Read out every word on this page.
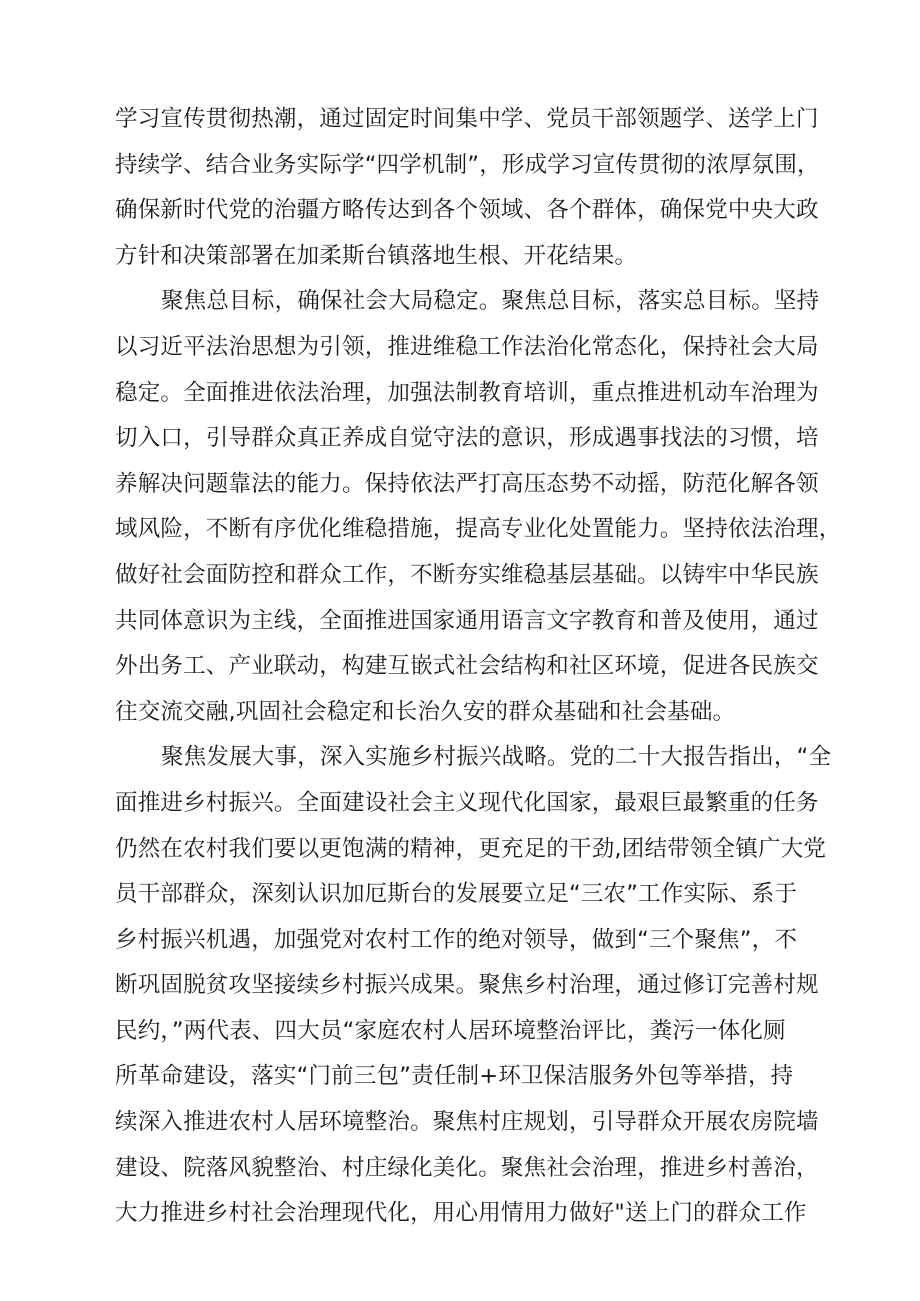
学习宣传贯彻热潮，通过固定时间集中学、党员干部领题学、送学上门
持续学、结合业务实际学“四学机制”，形成学习宣传贯彻的浓厚氛围，
确保新时代党的治疆方略传达到各个领域、各个群体，确保党中央大政
方针和决策部署在加柔斯台镇落地生根、开花结果。
聚焦总目标，确保社会大局稳定。聚焦总目标，落实总目标。坚持
以习近平法治思想为引领，推进维稳工作法治化常态化，保持社会大局
稳定。全面推进依法治理，加强法制教育培训，重点推进机动车治理为
切入口，引导群众真正养成自觉守法的意识，形成遇事找法的习惯，培
养解决问题靠法的能力。保持依法严打高压态势不动摇，防范化解各领
域风险，不断有序优化维稳措施，提高专业化处置能力。坚持依法治理，
做好社会面防控和群众工作，不断夯实维稳基层基础。以铸牢中华民族
共同体意识为主线，全面推进国家通用语言文字教育和普及使用，通过
外出务工、产业联动，构建互嵌式社会结构和社区环境，促进各民族交
往交流交融,巩固社会稳定和长治久安的群众基础和社会基础。
聚焦发展大事，深入实施乡村振兴战略。党的二十大报告指出，“全
面推进乡村振兴。全面建设社会主义现代化国家，最艰巨最繁重的任务
仍然在农村我们要以更饱满的精神，更充足的干劲,团结带领全镇广大党
员干部群众，深刻认识加厄斯台的发展要立足“三农”工作实际、系于
乡村振兴机遇，加强党对农村工作的绝对领导，做到“三个聚焦”，不
断巩固脱贫攻坚接续乡村振兴成果。聚焦乡村治理，通过修订完善村规
民约，”两代表、四大员“家庭农村人居环境整治评比，粪污一体化厕
所革命建设，落实“门前三包”责任制+环卫保洁服务外包等举措，持
续深入推进农村人居环境整治。聚焦村庄规划，引导群众开展农房院墙
建设、院落风貌整治、村庄绿化美化。聚焦社会治理，推进乡村善治，
大力推进乡村社会治理现代化，用心用情用力做好"送上门的群众工作
